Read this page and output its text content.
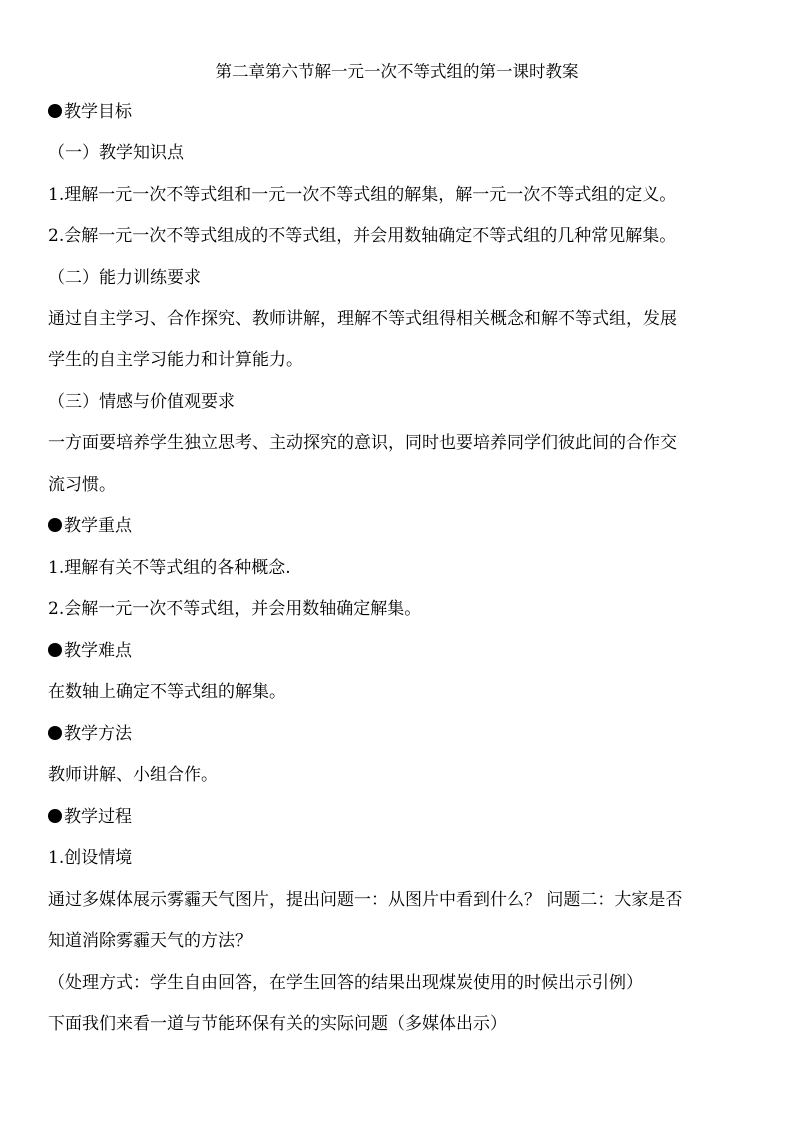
第二章第六节解一元一次不等式组的第一课时教案
教学目标
（一）教学知识点
1.理解一元一次不等式组和一元一次不等式组的解集，解一元一次不等式组的定义。
2.会解一元一次不等式组成的不等式组，并会用数轴确定不等式组的几种常见解集。
（二）能力训练要求
通过自主学习、合作探究、教师讲解，理解不等式组得相关概念和解不等式组，发展
学生的自主学习能力和计算能力。
（三）情感与价值观要求
一方面要培养学生独立思考、主动探究的意识，同时也要培养同学们彼此间的合作交
流习惯。
教学重点
1.理解有关不等式组的各种概念.
2.会解一元一次不等式组，并会用数轴确定解集。
教学难点
在数轴上确定不等式组的解集。
教学方法
教师讲解、小组合作。
教学过程
1.创设情境
通过多媒体展示雾霾天气图片，提出问题一：从图片中看到什么？ 问题二：大家是否
知道消除雾霾天气的方法？
（处理方式：学生自由回答，在学生回答的结果出现煤炭使用的时候出示引例）
下面我们来看一道与节能环保有关的实际问题（多媒体出示）
